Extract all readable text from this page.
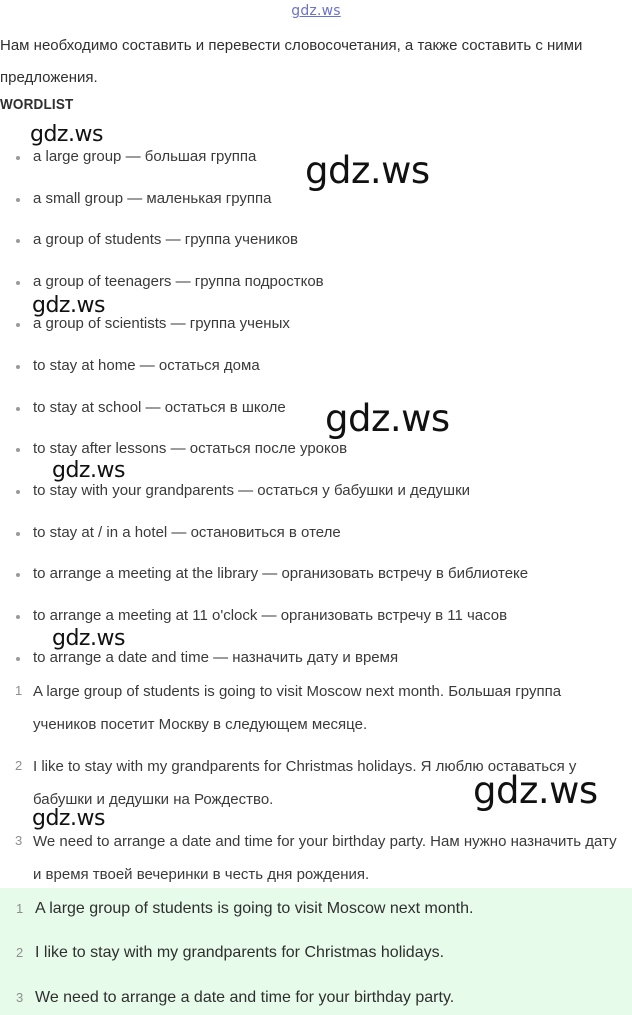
gdz.ws
Нам необходимо составить и перевести словосочетания, а также составить с ними предложения.
WORDLIST
a large group — большая группа
a small group — маленькая группа
a group of students — группа учеников
a group of teenagers — группа подростков
a group of scientists — группа ученых
to stay at home — остаться дома
to stay at school — остаться в школе
to stay after lessons — остаться после уроков
to stay with your grandparents — остаться у бабушки и дедушки
to stay at / in a hotel — остановиться в отеле
to arrange a meeting at the library — организовать встречу в библиотеке
to arrange a meeting at 11 o'clock — организовать встречу в 11 часов
to arrange a date and time — назначить дату и время
1 A large group of students is going to visit Moscow next month. Большая группа учеников посетит Москву в следующем месяце.
2 I like to stay with my grandparents for Christmas holidays. Я люблю оставаться у бабушки и дедушки на Рождество.
3 We need to arrange a date and time for your birthday party. Нам нужно назначить дату и время твоей вечеринки в честь дня рождения.
1 A large group of students is going to visit Moscow next month.
2 I like to stay with my grandparents for Christmas holidays.
3 We need to arrange a date and time for your birthday party.
gdz.ws
gdz.ws
gdz.ws
gdz.ws
gdz.ws
gdz.ws
gdz.ws
gdz.ws
